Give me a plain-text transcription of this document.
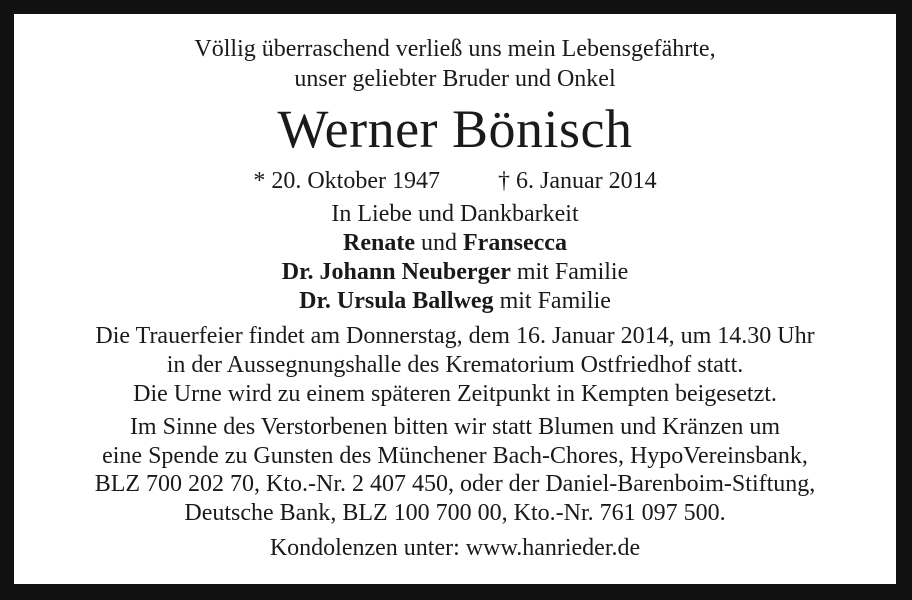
Völlig überraschend verließ uns mein Lebensgefährte,
unser geliebter Bruder und Onkel
Werner Bönisch
* 20. Oktober 1947 † 6. Januar 2014
In Liebe und Dankbarkeit
Renate und Fransecca
Dr. Johann Neuberger mit Familie
Dr. Ursula Ballweg mit Familie
Die Trauerfeier findet am Donnerstag, dem 16. Januar 2014, um 14.30 Uhr
in der Aussegnungshalle des Krematorium Ostfriedhof statt.
Die Urne wird zu einem späteren Zeitpunkt in Kempten beigesetzt.
Im Sinne des Verstorbenen bitten wir statt Blumen und Kränzen um
eine Spende zu Gunsten des Münchener Bach-Chores, HypoVereinsbank,
BLZ 700 202 70, Kto.-Nr. 2 407 450, oder der Daniel-Barenboim-Stiftung,
Deutsche Bank, BLZ 100 700 00, Kto.-Nr. 761 097 500.
Kondolenzen unter: www.hanrieder.de
